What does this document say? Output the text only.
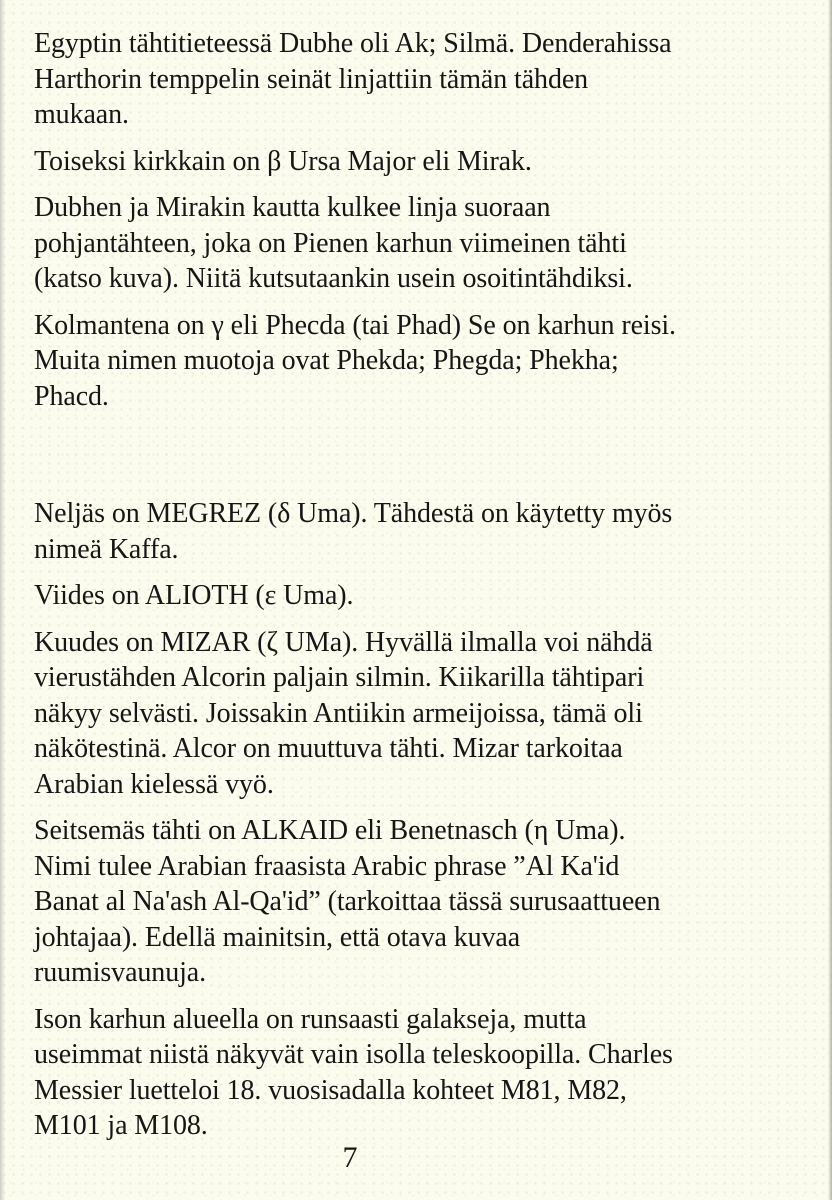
Egyptin tähtitieteessä Dubhe oli Ak; Silmä. Denderahissa
Harthorin temppelin seinät linjattiin tämän tähden
mukaan.

Toiseksi kirkkain on β Ursa Major eli Mirak.

Dubhen ja Mirakin kautta kulkee linja suoraan
pohjantähteen, joka on Pienen karhun viimeinen tähti
(katso kuva). Niitä kutsutaankin usein osoitintähdiksi.

Kolmantena on γ eli Phecda (tai Phad) Se on karhun reisi.
Muita nimen muotoja ovat Phekda; Phegda; Phekha;
Phacd.

Neljäs on MEGREZ (δ Uma). Tähdestä on käytetty myös
nimeä Kaffa.

Viides on ALIOTH (ε Uma).

Kuudes on MIZAR (ζ UMa). Hyvällä ilmalla voi nähdä
vierustähden Alcorin paljain silmin. Kiikarilla tähtipari
näkyy selvästi. Joissakin Antiikin armeijoissa, tämä oli
näkötestinä. Alcor on muuttuva tähti. Mizar tarkoitaa
Arabian kielessä vyö.

Seitsemäs tähti on ALKAID eli Benetnasch (η Uma).
Nimi tulee Arabian fraasista Arabic phrase ”Al Ka'id
Banat al Na'ash Al-Qa'id” (tarkoittaa tässä surusaattueen
johtajaa). Edellä mainitsin, että otava kuvaa
ruumisvaunuja.

Ison karhun alueella on runsaasti galakseja, mutta
useimmat niistä näkyvät vain isolla teleskoopilla. Charles
Messier luetteloi 18. vuosisadalla kohteet M81, M82,
M101 ja M108.

7
